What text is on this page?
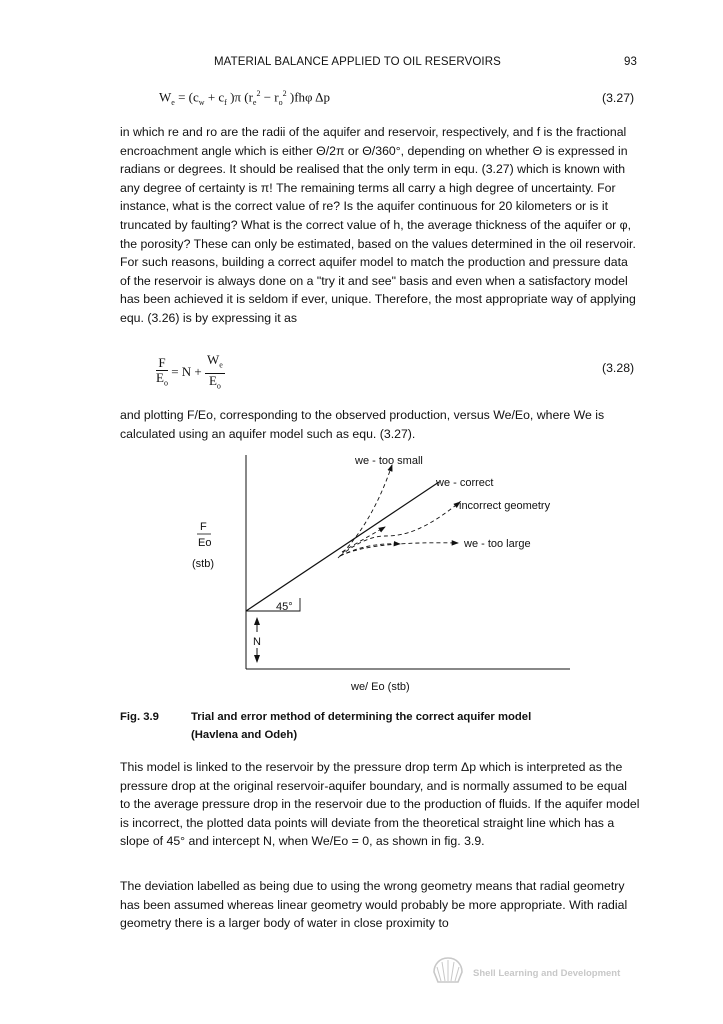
MATERIAL BALANCE APPLIED TO OIL RESERVOIRS	93
$W_e = (c_w + c_f$ )π ($r_e^2 - r_o^2$ )fhφ Δp	(3.27)

in which re and ro are the radii of the aquifer and reservoir, respectively, and f is the fractional encroachment angle which is either Θ/2π or Θ/360°, depending on whether Θ is expressed in radians or degrees. It should be realised that the only term in equ. (3.27) which is known with any degree of certainty is π! The remaining terms all carry a high degree of uncertainty. For instance, what is the correct value of re? Is the aquifer continuous for 20 kilometers or is it truncated by faulting? What is the correct value of h, the average thickness of the aquifer or φ, the porosity? These can only be estimated, based on the values determined in the oil reservoir. For such reasons, building a correct aquifer model to match the production and pressure data of the reservoir is always done on a "try it and see" basis and even when a satisfactory model has been achieved it is seldom if ever, unique. Therefore, the most appropriate way of applying equ. (3.26) is by expressing it as

$\frac{F}{E_o} = N + \frac{W_e}{E_o}$	(3.28)

and plotting F/Eo, corresponding to the observed production, versus We/Eo, where We is calculated using an aquifer model such as equ. (3.27).

we - too small
we - correct
incorrect geometry
we - too large
F
Eo
(stb)
45°
N
we/ Eo (stb)
Fig. 3.9	Trial and error method of determining the correct aquifer model
(Havlena and Odeh)

This model is linked to the reservoir by the pressure drop term Δp which is interpreted as the pressure drop at the original reservoir-aquifer boundary, and is normally assumed to be equal to the average pressure drop in the reservoir due to the production of fluids. If the aquifer model is incorrect, the plotted data points will deviate from the theoretical straight line which has a slope of 45° and intercept N, when We/Eo = 0, as shown in fig. 3.9.

The deviation labelled as being due to using the wrong geometry means that radial geometry has been assumed whereas linear geometry would probably be more appropriate. With radial geometry there is a larger body of water in close proximity to

Shell Learning and Development
